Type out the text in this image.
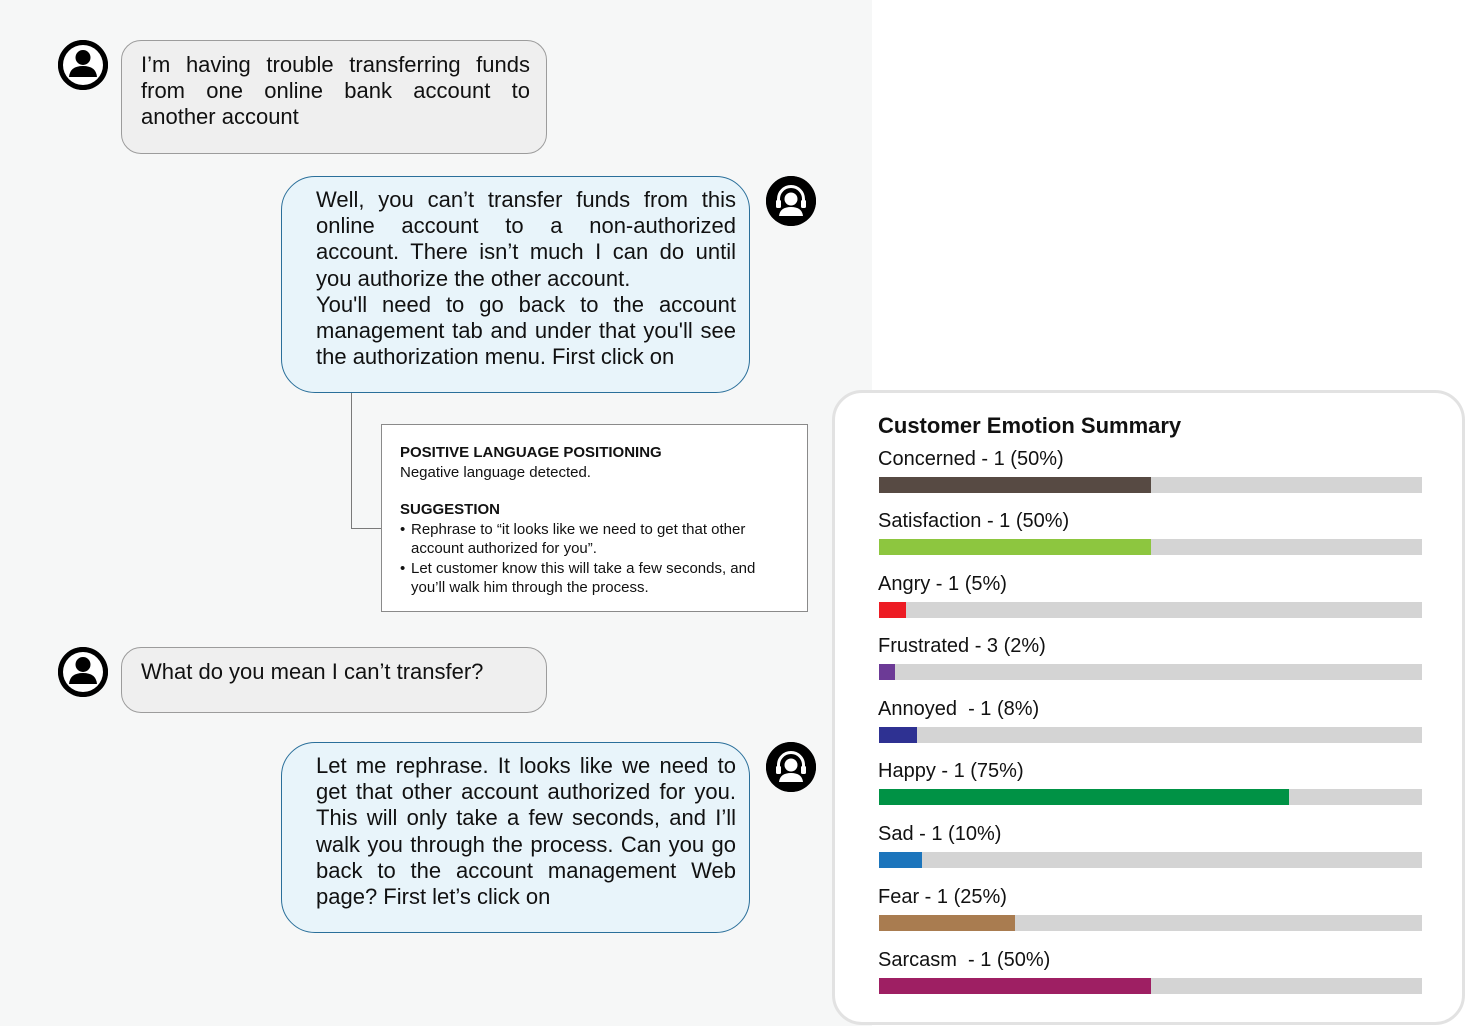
I’m having trouble transferring funds from one online bank account to another account

Well, you can’t transfer funds from this online account to a non-authorized account. There isn’t much I can do until you authorize the other account.

You'll need to go back to the account management tab and under that you'll see the authorization menu. First click on

POSITIVE LANGUAGE POSITIONING
Negative language detected.
SUGGESTION
• Rephrase to “it looks like we need to get that other account authorized for you”.
• Let customer know this will take a few seconds, and you’ll walk him through the process.

What do you mean I can’t transfer?

Let me rephrase. It looks like we need to get that other account authorized for you. This will only take a few seconds, and I’ll walk you through the process. Can you go back to the account management Web page? First let’s click on

Customer Emotion Summary
Concerned - 1 (50%)
Satisfaction - 1 (50%)
Angry - 1 (5%)
Frustrated - 3 (2%)
Annoyed  - 1 (8%)
Happy - 1 (75%)
Sad - 1 (10%)
Fear - 1 (25%)
Sarcasm  - 1 (50%)
